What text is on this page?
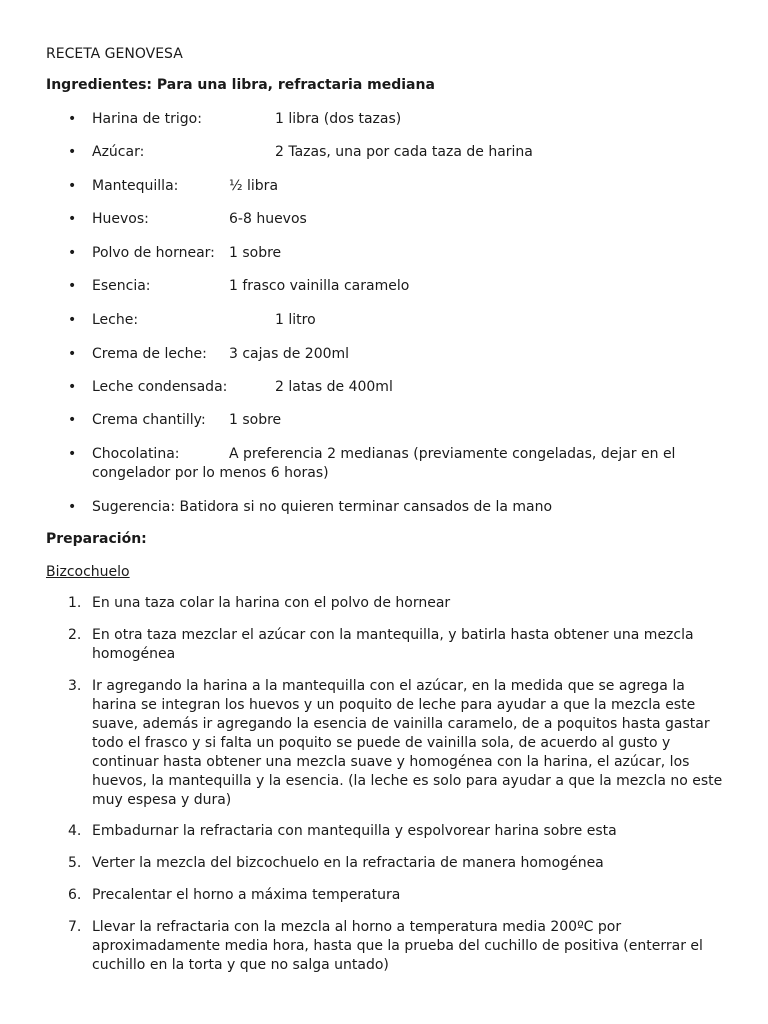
RECETA GENOVESA
Ingredientes: Para una libra, refractaria mediana
• Harina de trigo:	1 libra (dos tazas)
• Azúcar:	2 Tazas, una por cada taza de harina
• Mantequilla:	½ libra
• Huevos:	6-8 huevos
• Polvo de hornear: 1 sobre
• Esencia:	1 frasco vainilla caramelo
• Leche:	1 litro
• Crema de leche: 3 cajas de 200ml
• Leche condensada:	2 latas de 400ml
• Crema chantilly: 1 sobre
• Chocolatina:	A preferencia 2 medianas (previamente congeladas, dejar en el congelador por lo menos 6 horas)
• Sugerencia: Batidora si no quieren terminar cansados de la mano
Preparación:
Bizcochuelo
1. En una taza colar la harina con el polvo de hornear
2. En otra taza mezclar el azúcar con la mantequilla, y batirla hasta obtener una mezcla homogénea
3. Ir agregando la harina a la mantequilla con el azúcar, en la medida que se agrega la harina se integran los huevos y un poquito de leche para ayudar a que la mezcla este suave, además ir agregando la esencia de vainilla caramelo, de a poquitos hasta gastar todo el frasco y si falta un poquito se puede de vainilla sola, de acuerdo al gusto y continuar hasta obtener una mezcla suave y homogénea con la harina, el azúcar, los huevos, la mantequilla y la esencia. (la leche es solo para ayudar a que la mezcla no este muy espesa y dura)
4. Embadurnar la refractaria con mantequilla y espolvorear harina sobre esta
5. Verter la mezcla del bizcochuelo en la refractaria de manera homogénea
6. Precalentar el horno a máxima temperatura
7. Llevar la refractaria con la mezcla al horno a temperatura media 200ºC por aproximadamente media hora, hasta que la prueba del cuchillo de positiva (enterrar el cuchillo en la torta y que no salga untado)
